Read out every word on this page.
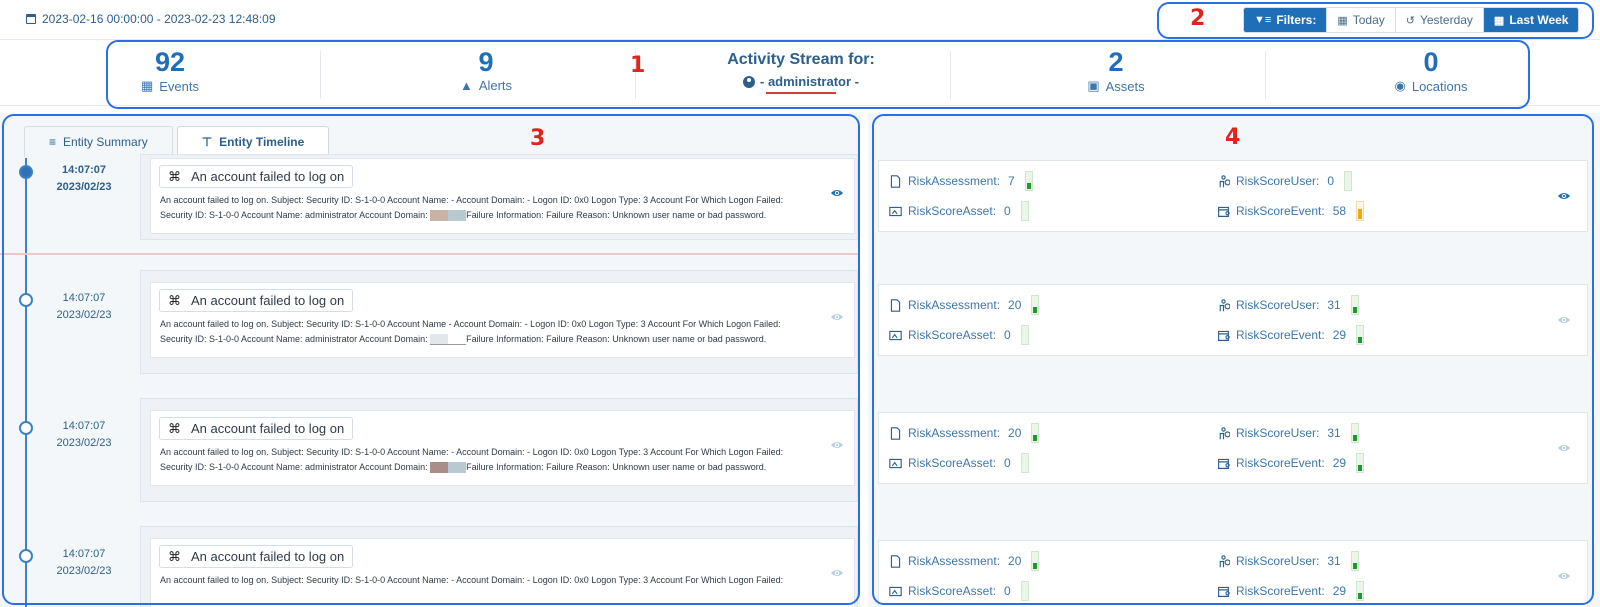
2023-02-16 00:00:00 - 2023-02-23 12:48:09	▼≡ Filters: ▦ Today ↺ Yesterday ▦ Last Week
92
▦ Events
9
▲ Alerts
Activity Stream for:
- administrator -
2
▣ Assets
0
◉ Locations
≡ Entity Summary	⊤ Entity Timeline
14:07:07
2023/02/23
⌘ An account failed to log on
An account failed to log on. Subject: Security ID: S-1-0-0 Account Name: - Account Domain: - Logon ID: 0x0 Logon Type: 3 Account For Which Logon Failed:
Security ID: S-1-0-0 Account Name: administrator Account Domain:	Failure Information: Failure Reason: Unknown user name or bad password.
14:07:07
2023/02/23
⌘ An account failed to log on
An account failed to log on. Subject: Security ID: S-1-0-0 Account Name - Account Domain: - Logon ID: 0x0 Logon Type: 3 Account For Which Logon Failed:
Security ID: S-1-0-0 Account Name: administrator Account Domain:	Failure Information: Failure Reason: Unknown user name or bad password.
14:07:07
2023/02/23
⌘ An account failed to log on
An account failed to log on. Subject: Security ID: S-1-0-0 Account Name: - Account Domain: - Logon ID: 0x0 Logon Type: 3 Account For Which Logon Failed:
Security ID: S-1-0-0 Account Name: administrator Account Domain:	Failure Information: Failure Reason: Unknown user name or bad password.
14:07:07
2023/02/23
⌘ An account failed to log on
An account failed to log on. Subject: Security ID: S-1-0-0 Account Name: - Account Domain: - Logon ID: 0x0 Logon Type: 3 Account For Which Logon Failed:
RiskAssessment: 7	RiskScoreUser: 0
RiskScoreAsset: 0	RiskScoreEvent: 58
RiskAssessment: 20	RiskScoreUser: 31
RiskScoreAsset: 0	RiskScoreEvent: 29
RiskAssessment: 20	RiskScoreUser: 31
RiskScoreAsset: 0	RiskScoreEvent: 29
RiskAssessment: 20	RiskScoreUser: 31
RiskScoreAsset: 0	RiskScoreEvent: 29
2
1
3	4
